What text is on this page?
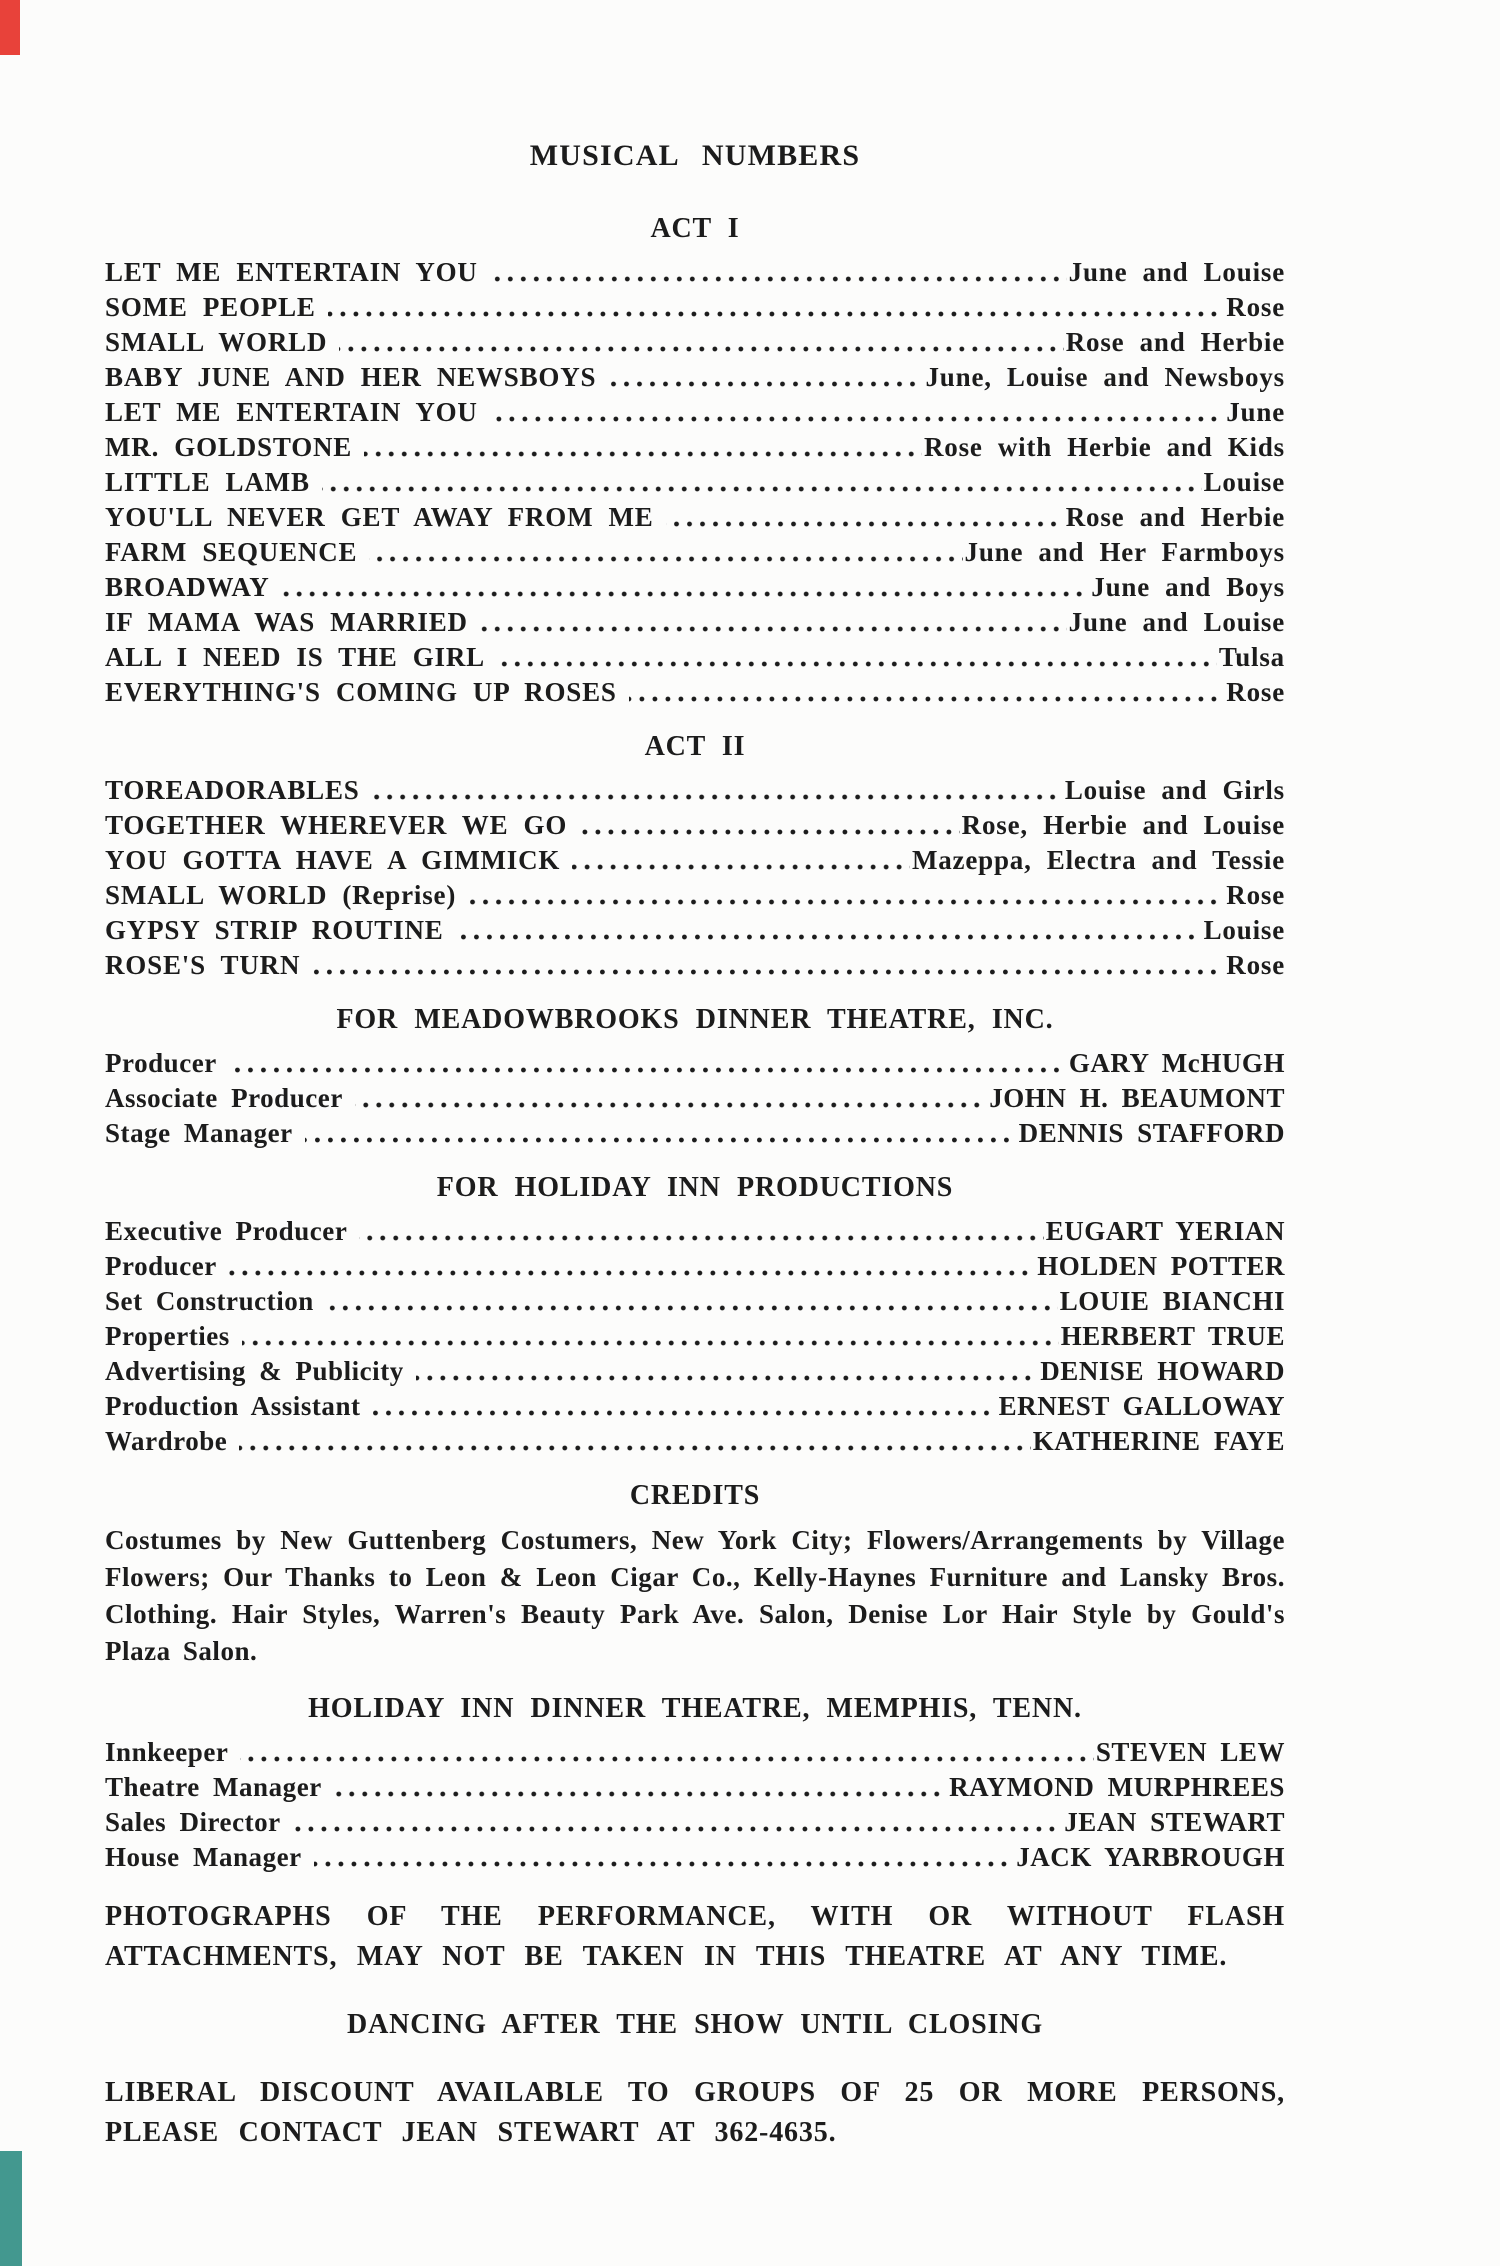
MUSICAL NUMBERS
ACT I
LET ME ENTERTAIN YOU	June and Louise
SOME PEOPLE	Rose
SMALL WORLD	Rose and Herbie
BABY JUNE AND HER NEWSBOYS	June, Louise and Newsboys
LET ME ENTERTAIN YOU	June
MR. GOLDSTONE	Rose with Herbie and Kids
LITTLE LAMB	Louise
YOU'LL NEVER GET AWAY FROM ME	Rose and Herbie
FARM SEQUENCE	June and Her Farmboys
BROADWAY	June and Boys
IF MAMA WAS MARRIED	June and Louise
ALL I NEED IS THE GIRL	Tulsa
EVERYTHING'S COMING UP ROSES	Rose
ACT II
TOREADORABLES	Louise and Girls
TOGETHER WHEREVER WE GO	Rose, Herbie and Louise
YOU GOTTA HAVE A GIMMICK	Mazeppa, Electra and Tessie
SMALL WORLD (Reprise)	Rose
GYPSY STRIP ROUTINE	Louise
ROSE'S TURN	Rose
FOR MEADOWBROOKS DINNER THEATRE, INC.
Producer	GARY McHUGH
Associate Producer	JOHN H. BEAUMONT
Stage Manager	DENNIS STAFFORD
FOR HOLIDAY INN PRODUCTIONS
Executive Producer	EUGART YERIAN
Producer	HOLDEN POTTER
Set Construction	LOUIE BIANCHI
Properties	HERBERT TRUE
Advertising & Publicity	DENISE HOWARD
Production Assistant	ERNEST GALLOWAY
Wardrobe	KATHERINE FAYE
CREDITS

Costumes by New Guttenberg Costumers, New York City; Flowers/Arrangements by Village Flowers; Our Thanks to Leon & Leon Cigar Co., Kelly-Haynes Furniture and Lansky Bros. Clothing. Hair Styles, Warren's Beauty Park Ave. Salon, Denise Lor Hair Style by Gould's Plaza Salon.

HOLIDAY INN DINNER THEATRE, MEMPHIS, TENN.
Innkeeper	STEVEN LEW
Theatre Manager	RAYMOND MURPHREES
Sales Director	JEAN STEWART
House Manager	JACK YARBROUGH

PHOTOGRAPHS OF THE PERFORMANCE, WITH OR WITHOUT FLASH ATTACHMENTS, MAY NOT BE TAKEN IN THIS THEATRE AT ANY TIME.

DANCING AFTER THE SHOW UNTIL CLOSING

LIBERAL DISCOUNT AVAILABLE TO GROUPS OF 25 OR MORE PERSONS, PLEASE CONTACT JEAN STEWART AT 362-4635.
